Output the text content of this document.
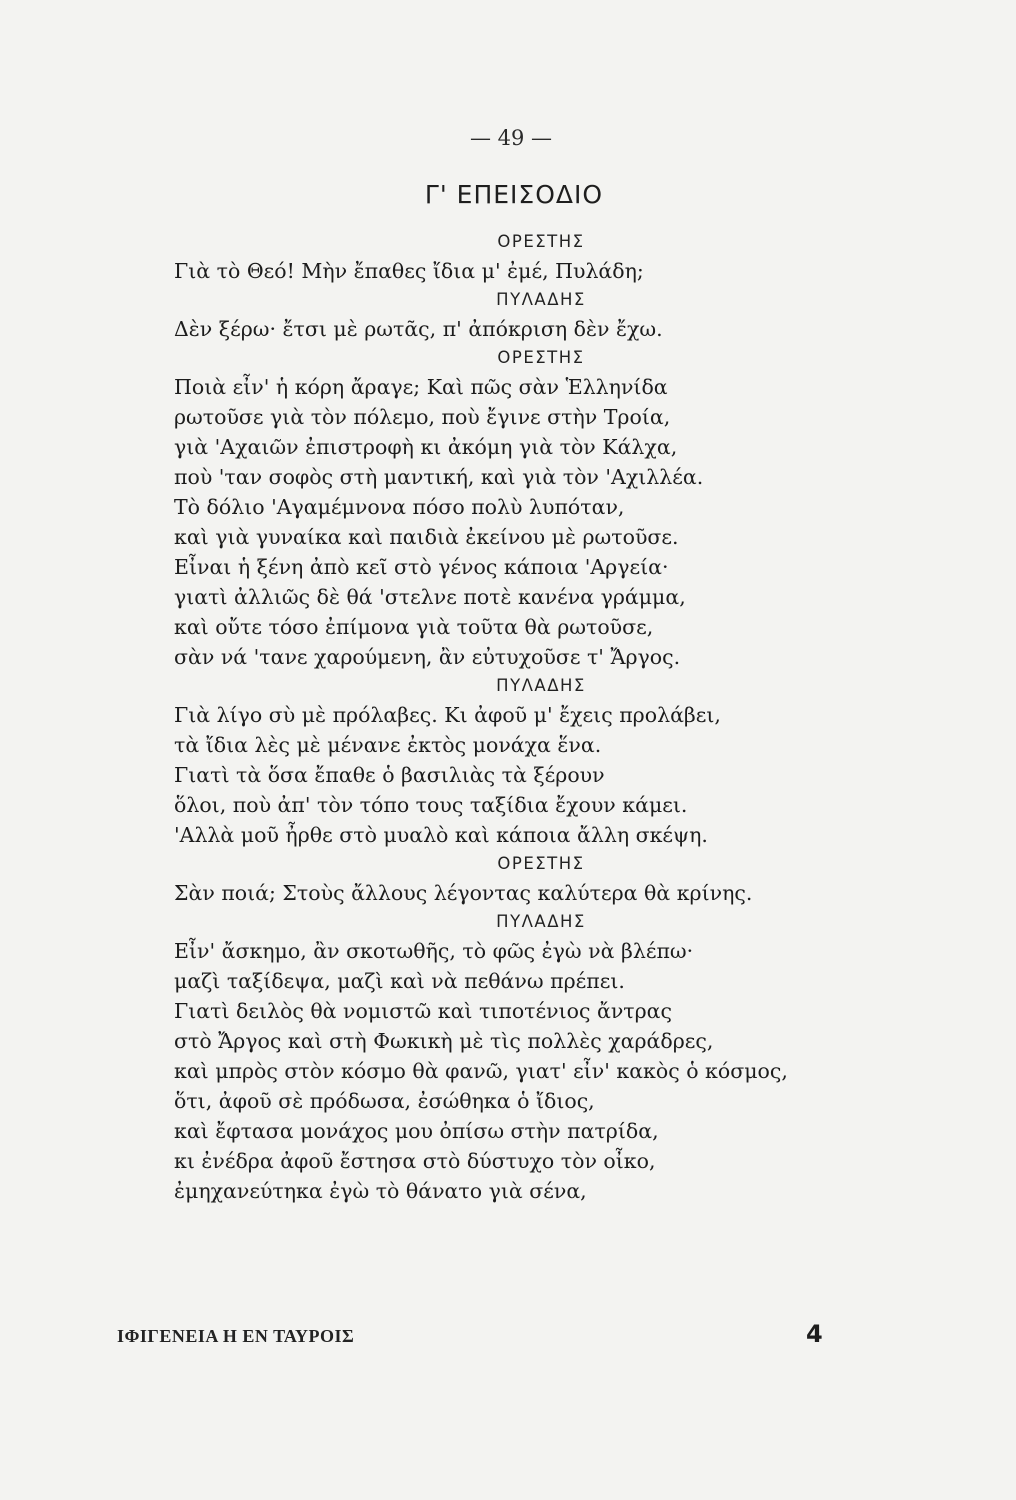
— 49 —
Γ' ΕΠΕΙΣΟΔΙΟ
ΟΡΕΣΤΗΣ
Γιὰ τὸ Θεό! Μὴν ἔπαθες ἴδια μ' ἐμέ, Πυλάδη;
ΠΥΛΑΔΗΣ
Δὲν ξέρω· ἔτσι μὲ ρωτᾶς, π' ἀπόκριση δὲν ἔχω.
ΟΡΕΣΤΗΣ
Ποιὰ εἶν' ἡ κόρη ἄραγε; Καὶ πῶς σὰν Ἑλληνίδα
ρωτοῦσε γιὰ τὸν πόλεμο, ποὺ ἔγινε στὴν Τροία,
γιὰ 'Αχαιῶν ἐπιστροφὴ κι ἀκόμη γιὰ τὸν Κάλχα,
ποὺ 'ταν σοφὸς στὴ μαντική, καὶ γιὰ τὸν 'Αχιλλέα.
Τὸ δόλιο 'Αγαμέμνονα πόσο πολὺ λυπόταν,
καὶ γιὰ γυναίκα καὶ παιδιὰ ἐκείνου μὲ ρωτοῦσε.
Εἶναι ἡ ξένη ἀπὸ κεῖ στὸ γένος κάποια 'Αργεία·
γιατὶ ἀλλιῶς δὲ θά 'στελνε ποτὲ κανένα γράμμα,
καὶ οὔτε τόσο ἐπίμονα γιὰ τοῦτα θὰ ρωτοῦσε,
σὰν νά 'τανε χαρούμενη, ἂν εὐτυχοῦσε τ' Ἄργος.
ΠΥΛΑΔΗΣ
Γιὰ λίγο σὺ μὲ πρόλαβες. Κι ἀφοῦ μ' ἔχεις προλάβει,
τὰ ἴδια λὲς μὲ μένανε ἐκτὸς μονάχα ἕνα.
Γιατὶ τὰ ὅσα ἔπαθε ὁ βασιλιὰς τὰ ξέρουν
ὅλοι, ποὺ ἀπ' τὸν τόπο τους ταξίδια ἔχουν κάμει.
'Αλλὰ μοῦ ἦρθε στὸ μυαλὸ καὶ κάποια ἄλλη σκέψη.
ΟΡΕΣΤΗΣ
Σὰν ποιά; Στοὺς ἄλλους λέγοντας καλύτερα θὰ κρίνης.
ΠΥΛΑΔΗΣ
Εἶν' ἄσκημο, ἂν σκοτωθῆς, τὸ φῶς ἐγὼ νὰ βλέπω·
μαζὶ ταξίδεψα, μαζὶ καὶ νὰ πεθάνω πρέπει.
Γιατὶ δειλὸς θὰ νομιστῶ καὶ τιποτένιος ἄντρας
στὸ Ἄργος καὶ στὴ Φωκικὴ μὲ τὶς πολλὲς χαράδρες,
καὶ μπρὸς στὸν κόσμο θὰ φανῶ, γιατ' εἶν' κακὸς ὁ κόσμος,
ὅτι, ἀφοῦ σὲ πρόδωσα, ἐσώθηκα ὁ ἴδιος,
καὶ ἔφτασα μονάχος μου ὀπίσω στὴν πατρίδα,
κι ἐνέδρα ἀφοῦ ἔστησα στὸ δύστυχο τὸν οἶκο,
ἐμηχανεύτηκα ἐγὼ τὸ θάνατο γιὰ σένα,
ΙΦΙΓΕΝΕΙΑ Η ΕΝ ΤΑΥΡΟΙΣ	4
